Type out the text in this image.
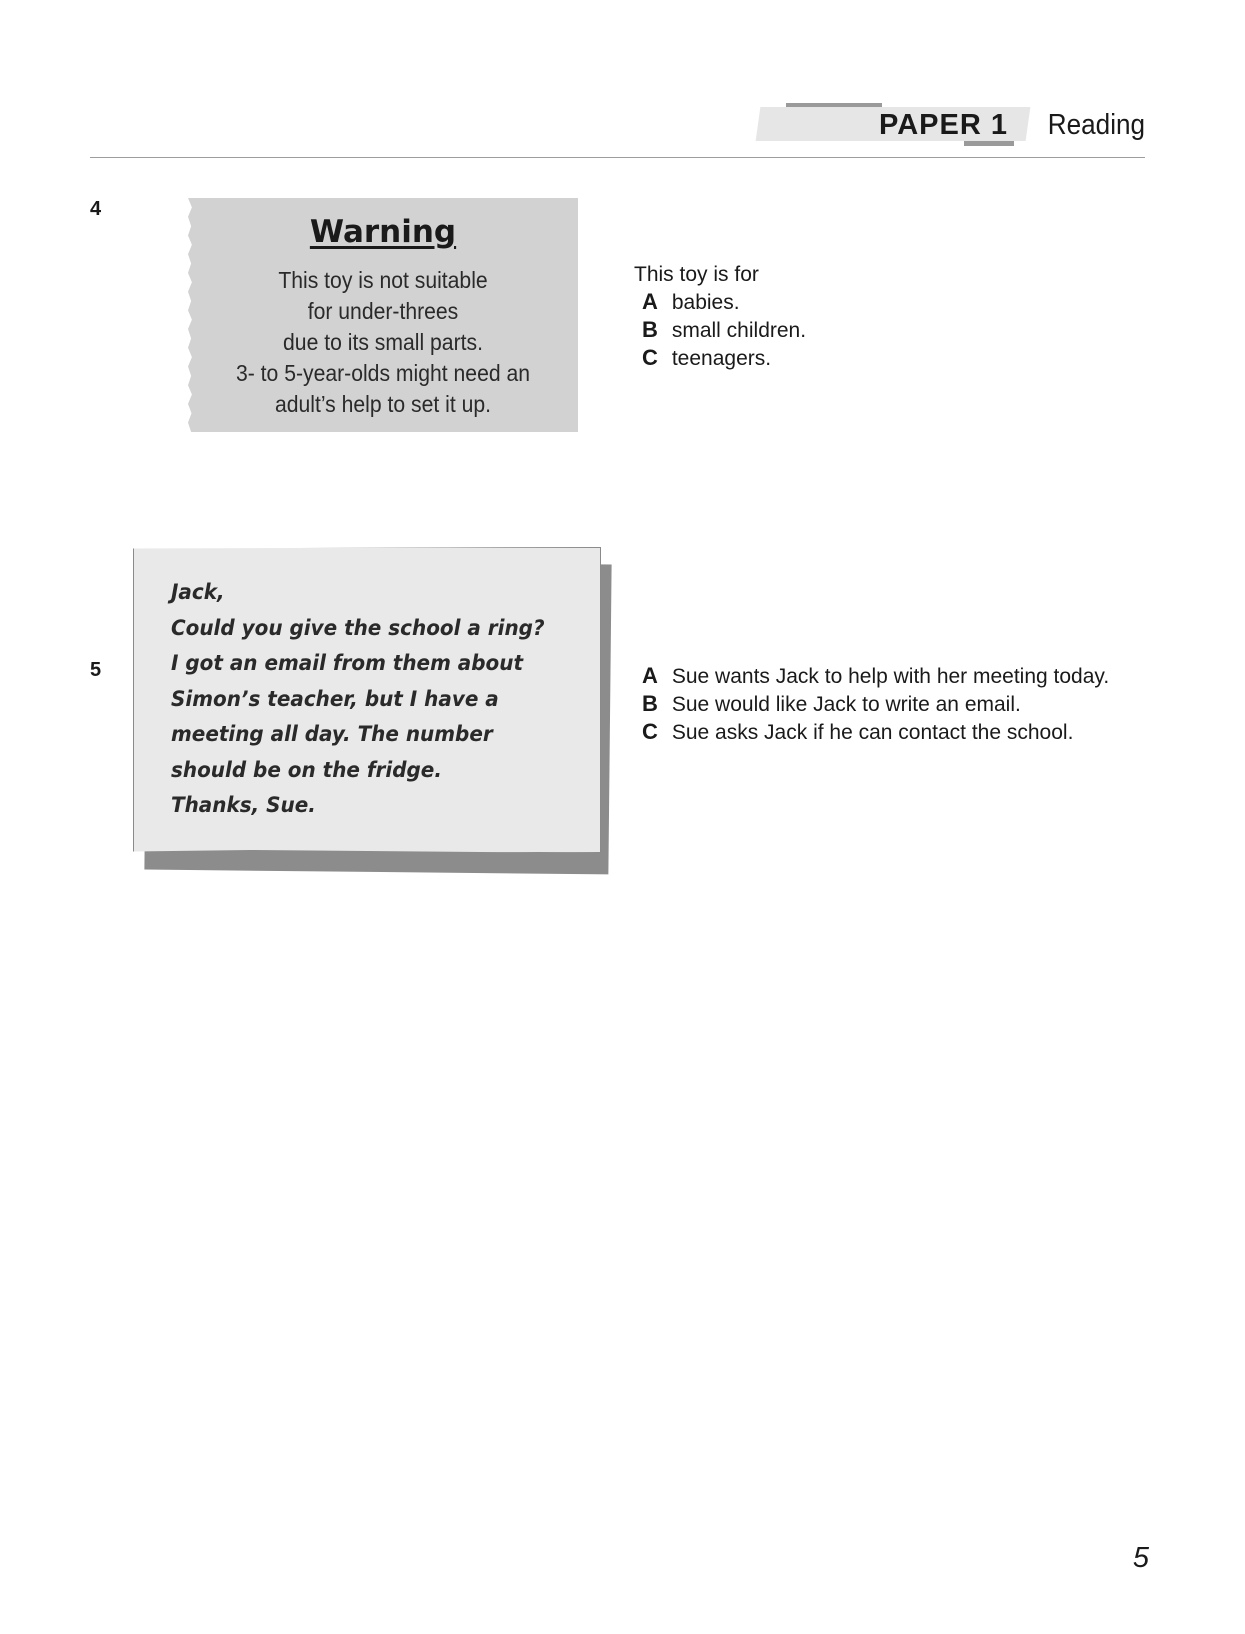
PAPER 1 Reading
4
Warning
This toy is not suitable
for under-threes
due to its small parts.
3- to 5-year-olds might need an
adult’s help to set it up.
This toy is for
A babies.
B small children.
C teenagers.
5
Jack,
Could you give the school a ring?
I got an email from them about
Simon’s teacher, but I have a
meeting all day. The number
should be on the fridge.
Thanks, Sue.
A Sue wants Jack to help with her meeting today.
B Sue would like Jack to write an email.
C Sue asks Jack if he can contact the school.
5
